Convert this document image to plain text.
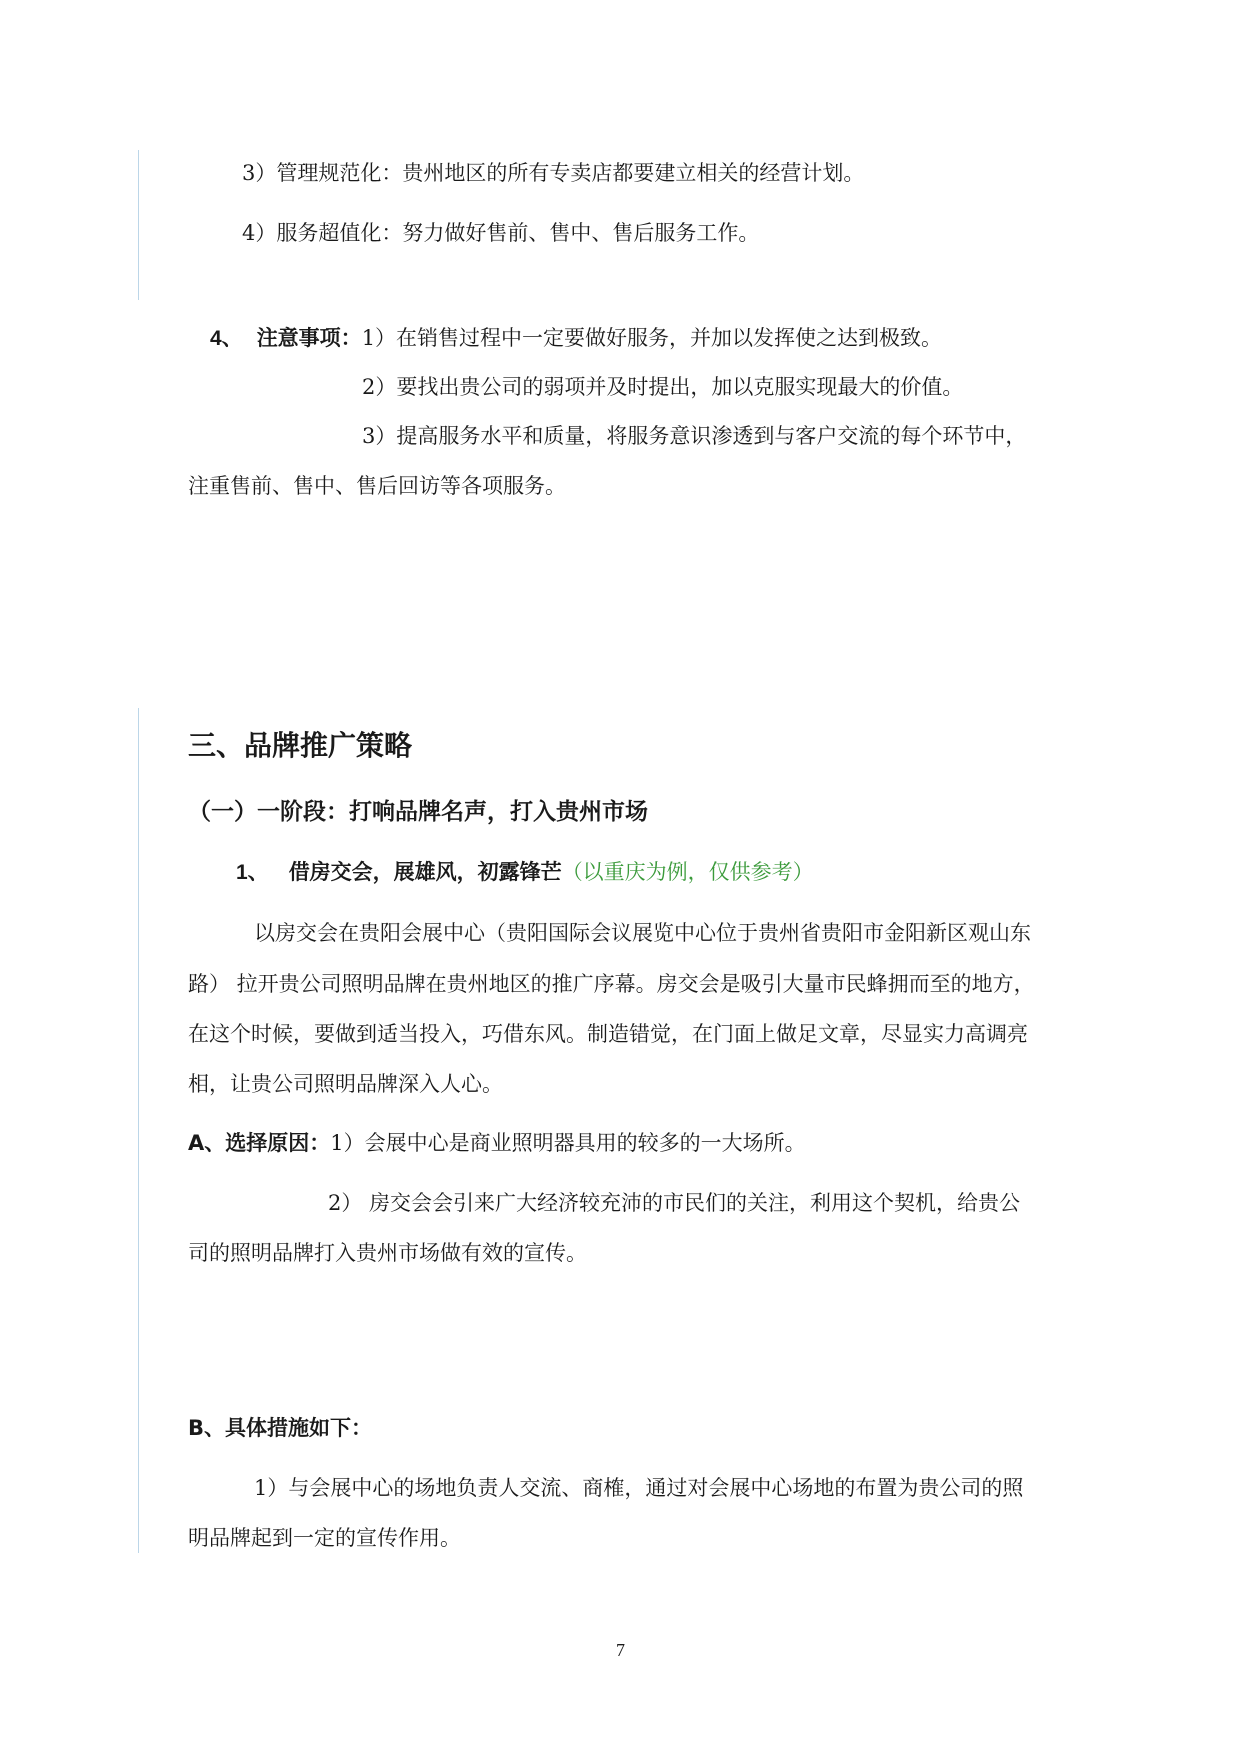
3）管理规范化：贵州地区的所有专卖店都要建立相关的经营计划。

4）服务超值化：努力做好售前、售中、售后服务工作。

4、 注意事项：1）在销售过程中一定要做好服务，并加以发挥使之达到极致。

2）要找出贵公司的弱项并及时提出，加以克服实现最大的价值。

3）提高服务水平和质量，将服务意识渗透到与客户交流的每个环节中，

注重售前、售中、售后回访等各项服务。

三、品牌推广策略

（一）一阶段：打响品牌名声，打入贵州市场

1、 借房交会，展雄风，初露锋芒（以重庆为例，仅供参考）

以房交会在贵阳会展中心（贵阳国际会议展览中心位于贵州省贵阳市金阳新区观山东

路） 拉开贵公司照明品牌在贵州地区的推广序幕。房交会是吸引大量市民蜂拥而至的地方，

在这个时候，要做到适当投入，巧借东风。制造错觉，在门面上做足文章，尽显实力高调亮

相，让贵公司照明品牌深入人心。

A、选择原因：1）会展中心是商业照明器具用的较多的一大场所。

2） 房交会会引来广大经济较充沛的市民们的关注，利用这个契机，给贵公

司的照明品牌打入贵州市场做有效的宣传。

B、具体措施如下：

1）与会展中心的场地负责人交流、商榷，通过对会展中心场地的布置为贵公司的照

明品牌起到一定的宣传作用。

7
